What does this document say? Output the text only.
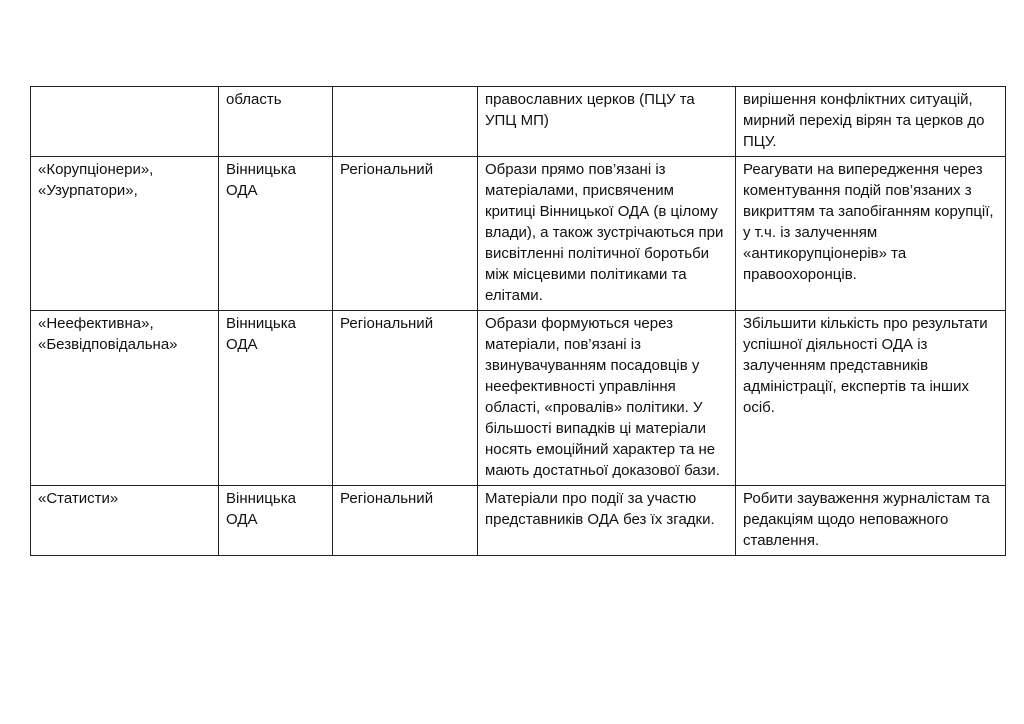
	область		православних церков (ПЦУ та УПЦ МП)	вирішення конфліктних ситуацій, мирний перехід вірян та церков до ПЦУ.

«Корупціонери», «Узурпатори»,	Вінницька ОДА	Регіональний	Образи прямо пов’язані із матеріалами, присвяченим критиці Вінницької ОДА (в цілому влади), а також зустрічаються при висвітленні політичної боротьби між місцевими політиками та елітами.	Реагувати на випередження через коментування подій пов’язаних з викриттям та запобіганням корупції, у т.ч. із залученням «антикорупціонерів» та правоохоронців.

«Неефективна», «Безвідповідальна»	Вінницька ОДА	Регіональний	Образи формуються через матеріали, пов’язані із звинувачуванням посадовців у неефективності управління області, «провалів» політики. У більшості випадків ці матеріали носять емоційний характер та не мають достатньої доказової бази.	Збільшити кількість про результати успішної діяльності ОДА із залученням представників адміністрації, експертів та інших осіб.

«Статисти»	Вінницька ОДА	Регіональний	Матеріали про події за участю представників ОДА без їх згадки.	Робити зауваження журналістам та редакціям щодо неповажного ставлення.
